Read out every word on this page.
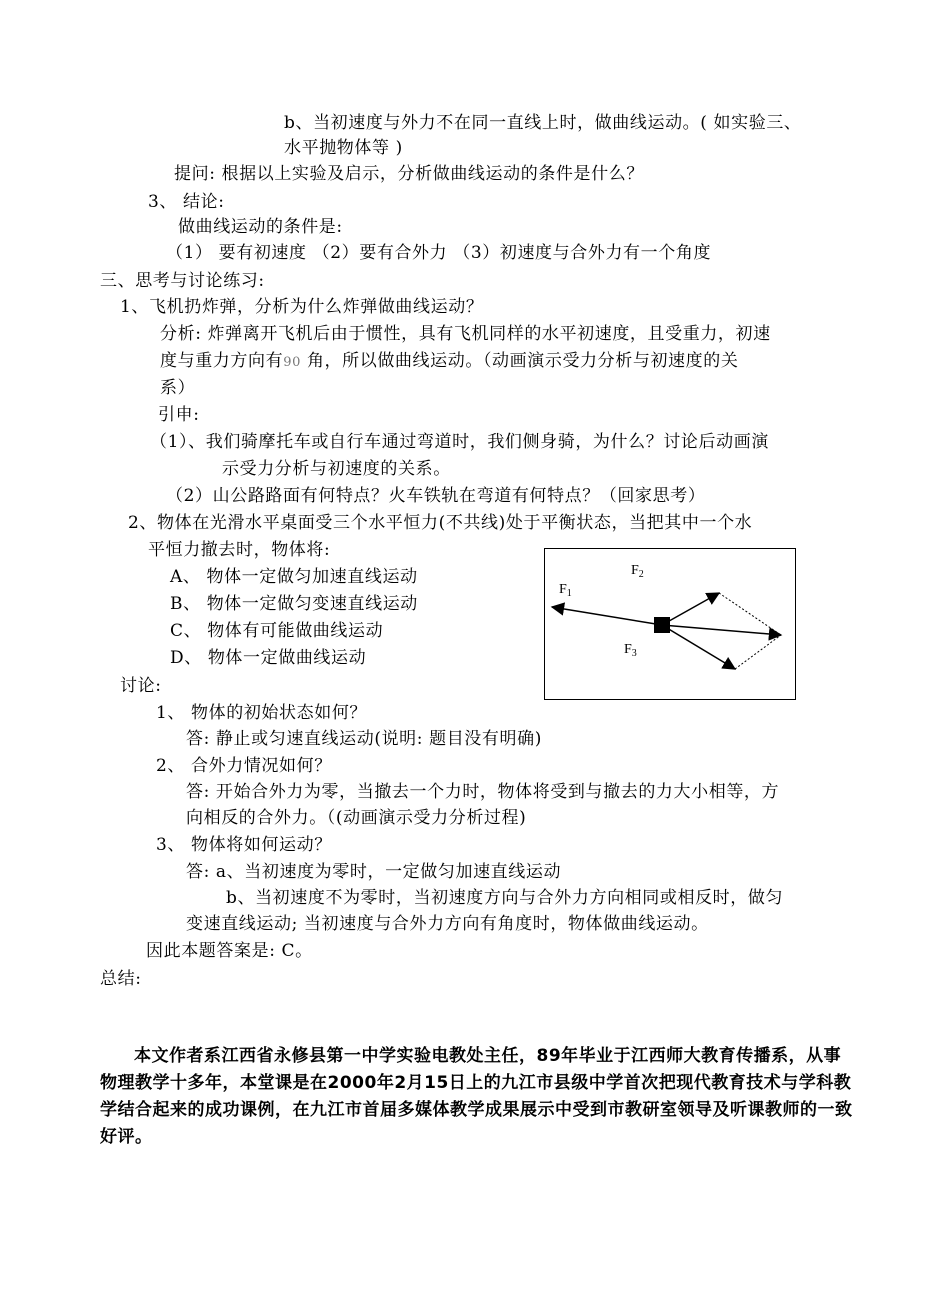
b、当初速度与外力不在同一直线上时，做曲线运动。( 如实验三、
水平抛物体等 )
提问: 根据以上实验及启示，分析做曲线运动的条件是什么？
3、 结论:
做曲线运动的条件是:
（1） 要有初速度 （2）要有合外力 （3）初速度与合外力有一个角度
三、思考与讨论练习:
1、飞机扔炸弹，分析为什么炸弹做曲线运动？
分析: 炸弹离开飞机后由于惯性，具有飞机同样的水平初速度，且受重力，初速
度与重力方向有90 角，所以做曲线运动。（动画演示受力分析与初速度的关
系）
引申:
（1）、我们骑摩托车或自行车通过弯道时，我们侧身骑，为什么？讨论后动画演
示受力分析与初速度的关系。
（2）山公路路面有何特点？火车铁轨在弯道有何特点？（回家思考）
2、物体在光滑水平桌面受三个水平恒力(不共线)处于平衡状态，当把其中一个水
平恒力撤去时，物体将:
A、 物体一定做匀加速直线运动
B、 物体一定做匀变速直线运动
C、 物体有可能做曲线运动
D、 物体一定做曲线运动
$F_2$
$F_1$
$F_3$
讨论:
1、 物体的初始状态如何？
答: 静止或匀速直线运动(说明: 题目没有明确)
2、 合外力情况如何？
答: 开始合外力为零，当撤去一个力时，物体将受到与撤去的力大小相等，方
向相反的合外力。（(动画演示受力分析过程)
3、 物体将如何运动？
答: a、当初速度为零时，一定做匀加速直线运动
b、当初速度不为零时，当初速度方向与合外力方向相同或相反时，做匀
变速直线运动; 当初速度与合外力方向有角度时，物体做曲线运动。
因此本题答案是: C。
总结:

本文作者系江西省永修县第一中学实验电教处主任，89年毕业于江西师大教育传播系，从事物理教学十多年，本堂课是在2000年2月15日上的九江市县级中学首次把现代教育技术与学科教学结合起来的成功课例，在九江市首届多媒体教学成果展示中受到市教研室领导及听课教师的一致好评。
